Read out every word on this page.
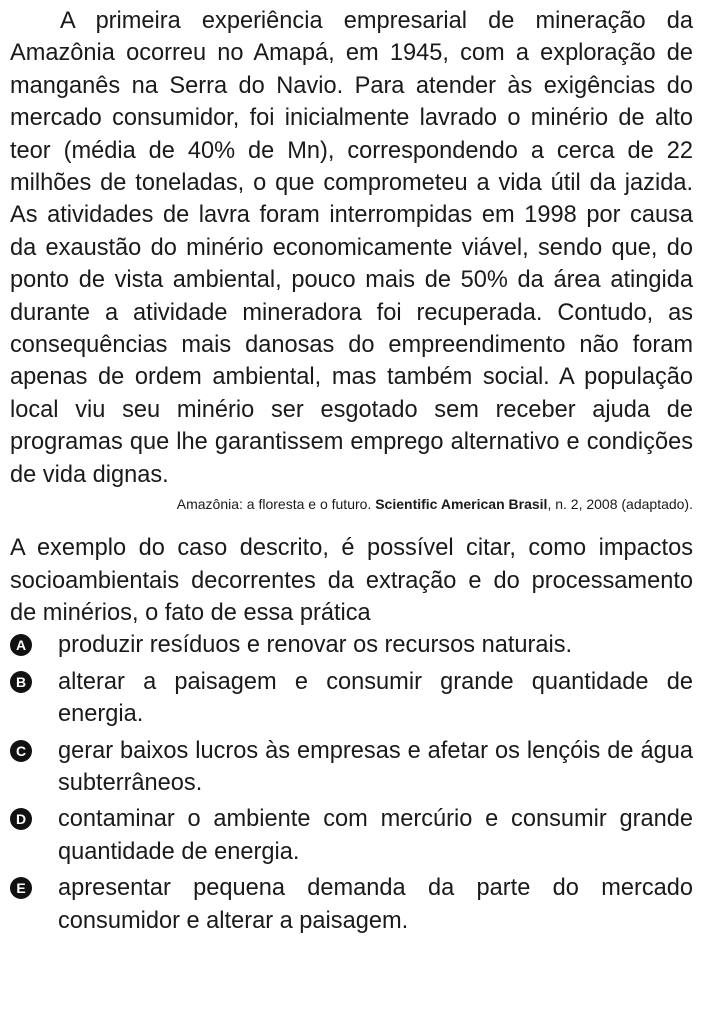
A primeira experiência empresarial de mineração da Amazônia ocorreu no Amapá, em 1945, com a exploração de manganês na Serra do Navio. Para atender às exigências do mercado consumidor, foi inicialmente lavrado o minério de alto teor (média de 40% de Mn), correspondendo a cerca de 22 milhões de toneladas, o que comprometeu a vida útil da jazida. As atividades de lavra foram interrompidas em 1998 por causa da exaustão do minério economicamente viável, sendo que, do ponto de vista ambiental, pouco mais de 50% da área atingida durante a atividade mineradora foi recuperada. Contudo, as consequências mais danosas do empreendimento não foram apenas de ordem ambiental, mas também social. A população local viu seu minério ser esgotado sem receber ajuda de programas que lhe garantissem emprego alternativo e condições de vida dignas.

Amazônia: a floresta e o futuro. Scientific American Brasil, n. 2, 2008 (adaptado).

A exemplo do caso descrito, é possível citar, como impactos socioambientais decorrentes da extração e do processamento de minérios, o fato de essa prática

A produzir resíduos e renovar os recursos naturais.
B alterar a paisagem e consumir grande quantidade de energia.
C gerar baixos lucros às empresas e afetar os lençóis de água subterrâneos.
D contaminar o ambiente com mercúrio e consumir grande quantidade de energia.
E apresentar pequena demanda da parte do mercado consumidor e alterar a paisagem.
